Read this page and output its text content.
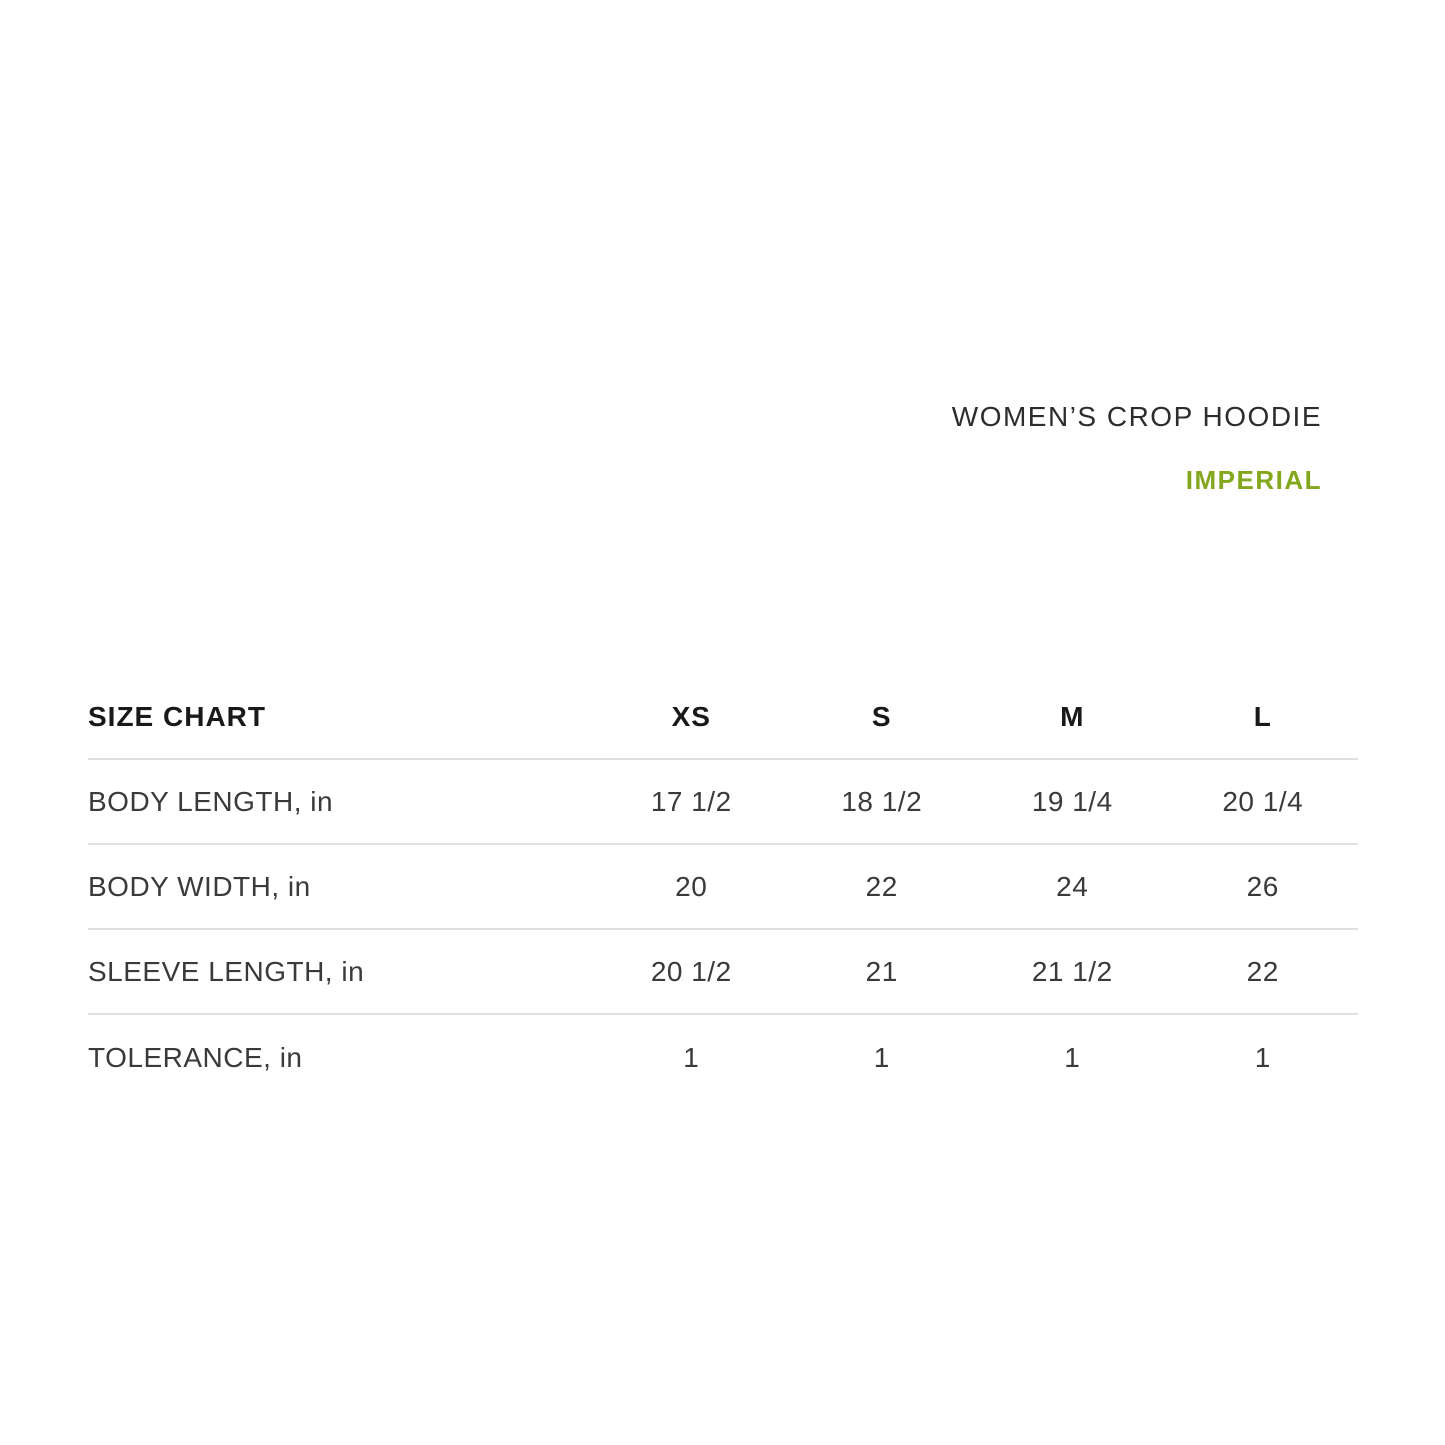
WOMEN’S CROP HOODIE
IMPERIAL
SIZE CHART	XS	S	M	L
BODY LENGTH, in	17 1/2	18 1/2	19 1/4	20 1/4
BODY WIDTH, in	20	22	24	26
SLEEVE LENGTH, in	20 1/2	21	21 1/2	22
TOLERANCE, in	1	1	1	1
